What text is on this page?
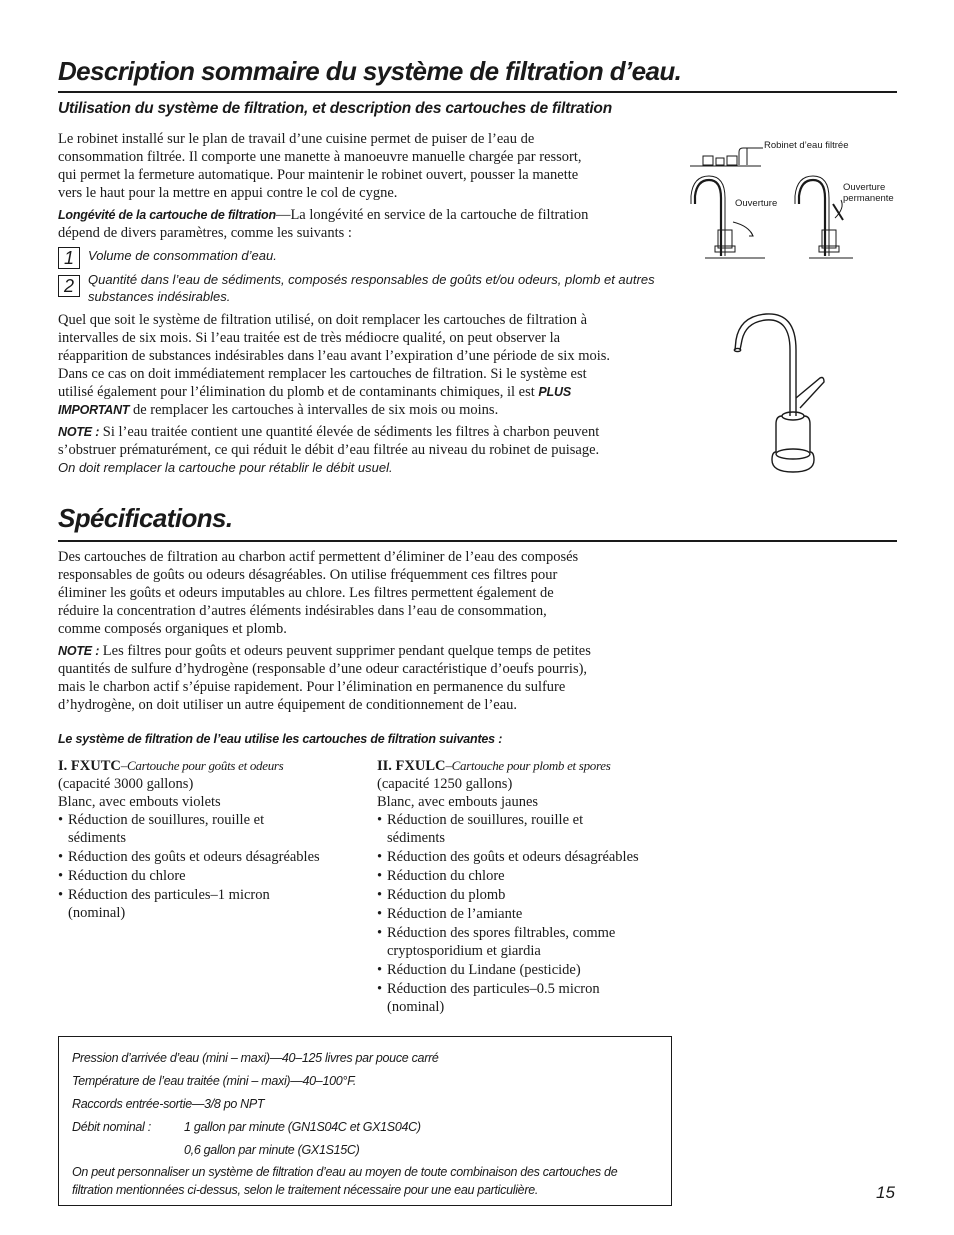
Description sommaire du système de filtration d’eau.
Utilisation du système de filtration, et description des cartouches de filtration

Le robinet installé sur le plan de travail d’une cuisine permet de puiser de l’eau de

consommation filtrée. Il comporte une manette à manoeuvre manuelle chargée par ressort,

qui permet la fermeture automatique. Pour maintenir le robinet ouvert, pousser la manette

vers le haut pour la mettre en appui contre le col de cygne.

Longévité de la cartouche de filtration—La longévité en service de la cartouche de filtration

dépend de divers paramètres, comme les suivants :

1	Volume de consommation d’eau.
2	Quantité dans l’eau de sédiments, composés responsables de goûts et/ou odeurs, plomb et autres
substances indésirables.

Quel que soit le système de filtration utilisé, on doit remplacer les cartouches de filtration à

intervalles de six mois. Si l’eau traitée est de très médiocre qualité, on peut observer la

réapparition de substances indésirables dans l’eau avant l’expiration d’une période de six mois.

Dans ce cas on doit immédiatement remplacer les cartouches de filtration. Si le système est

utilisé également pour l’élimination du plomb et de contaminants chimiques, il est PLUS

IMPORTANT de remplacer les cartouches à intervalles de six mois ou moins.

NOTE : Si l’eau traitée contient une quantité élevée de sédiments les filtres à charbon peuvent

s’obstruer prématurément, ce qui réduit le débit d’eau filtrée au niveau du robinet de puisage.

On doit remplacer la cartouche pour rétablir le débit usuel.

Robinet d’eau filtrée
Ouverture
Ouverture
permanente
Spécifications.

Des cartouches de filtration au charbon actif permettent d’éliminer de l’eau des composés

responsables de goûts ou odeurs désagréables. On utilise fréquemment ces filtres pour

éliminer les goûts et odeurs imputables au chlore. Les filtres permettent également de

réduire la concentration d’autres éléments indésirables dans l’eau de consommation,

comme composés organiques et plomb.

NOTE : Les filtres pour goûts et odeurs peuvent supprimer pendant quelque temps de petites

quantités de sulfure d’hydrogène (responsable d’une odeur caractéristique d’oeufs pourris),

mais le charbon actif s’épuise rapidement. Pour l’élimination en permanence du sulfure

d’hydrogène, on doit utiliser un autre équipement de conditionnement de l’eau.

Le système de filtration de l’eau utilise les cartouches de filtration suivantes :

I. FXUTC–Cartouche pour goûts et odeurs

(capacité 3000 gallons)

Blanc, avec embouts violets

• Réduction de souillures, rouille et
sédiments
• Réduction des goûts et odeurs désagréables
• Réduction du chlore
• Réduction des particules–1 micron
(nominal)

II. FXULC–Cartouche pour plomb et spores

(capacité 1250 gallons)

Blanc, avec embouts jaunes

• Réduction de souillures, rouille et
sédiments
• Réduction des goûts et odeurs désagréables
• Réduction du chlore
• Réduction du plomb
• Réduction de l’amiante
• Réduction des spores filtrables, comme
cryptosporidium et giardia
• Réduction du Lindane (pesticide)
• Réduction des particules–0.5 micron
(nominal)
Pression d’arrivée d’eau (mini – maxi)—40–125 livres par pouce carré
Température de l’eau traitée (mini – maxi)—40–100°F.
Raccords entrée-sortie—3/8 po NPT
Débit nominal :	1 gallon par minute (GN1S04C et GX1S04C)
0,6 gallon par minute (GX1S15C)
On peut personnaliser un système de filtration d’eau au moyen de toute combinaison des cartouches de
filtration mentionnées ci-dessus, selon le traitement nécessaire pour une eau particulière.	15
